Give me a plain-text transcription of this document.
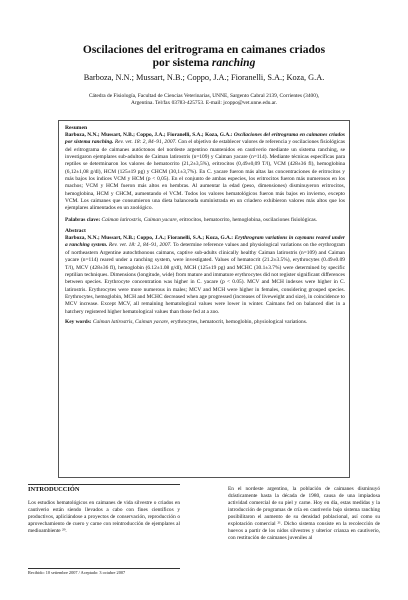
Oscilaciones del eritrograma en caimanes criados
por sistema ranching
Barboza, N.N.; Mussart, N.B.; Coppo, J.A.; Fioranelli, S.A.; Koza, G.A.
Cátedra de Fisiología, Facultad de Ciencias Veterinarias, UNNE, Sargento Cabral 2139, Corrientes (3400),
Argentina. Tel/fax 03783-425753. E-mail: jcoppo@vet.unne.edu.ar.
Resumen
Barboza, N.N.; Mussart, N.B.; Coppo, J.A.; Fioranelli, S.A.; Koza, G.A.: Oscilaciones del eritrograma en caimanes criados por sistema ranching. Rev. vet. 18: 2, 84–91, 2007. Con el objetivo de establecer valores de referencia y oscilaciones fisiológicas del eritrograma de caimanes autóctonos del nordeste argentino mantenidos en cautiverio mediante un sistema ranching, se investigaron ejemplares sub-adultos de Caiman latirostris (n=109) y Caiman yacare (n=114). Mediante técnicas específicas para reptiles se determinaron los valores de hematocrito (21,2±3,5%), eritrocitos (0,49±0,09 T/l), VCM (428±36 fl), hemoglobina (6,12±1,08 g/dl), HCM (125±19 pg) y CHCM (30,1±3,7%). En C. yacare fueron más altas las concentraciones de eritrocitos y más bajos los índices VCM y HCM (p < 0,05). En el conjunto de ambas especies, los eritrocitos fueron más numerosos en los machos; VCM y HCM fueron más altos en hembras. Al aumentar la edad (peso, dimensiones) disminuyeron eritrocitos, hemoglobina, HCM y CHCM, aumentando el VCM. Todos los valores hematológicos fueron más bajos en invierno, excepto VCM. Los caimanes que consumieron una dieta balanceada suministrada en un criadero exhibieron valores más altos que los ejemplares alimentados en un zoológico.
Palabras clave: Caiman latirostris, Caiman yacare, eritrocitos, hematocrito, hemoglobina, oscilaciones fisiológicas.
Abstract
Barboza, N.N.; Mussart, N.B.; Coppo, J.A.; Fioranelli, S.A.; Koza, G.A.: Erythrogram variations in caymans reared under a ranching system. Rev. vet. 18: 2, 84–91, 2007. To determine reference values and physiological variations on the erythrogram of northeastern Argentine autochthonous caimans, captive sub-adults clinically healthy Caiman latirostris (n=109) and Caiman yacare (n=114) reared under a ranching system, were investigated. Values of hematocrit (21.2±3.5%), erythrocytes (0.49±0.09 T/l), MCV (428±36 fl), hemoglobin (6.12±1.08 g/dl), MCH (125±19 pg) and MCHC (30.1±3.7%) were determined by specific reptilian techniques. Dimensions (longitude, wide) from mature and immature erythrocytes did not register significant differences between species. Erythrocyte concentration was higher in C. yacare (p < 0.05). MCV and MCH indexes were higher in C. latirostris. Erythrocytes were more numerous in males; MCV and MCH were higher in females, considering grouped species. Erythrocytes, hemoglobin, MCH and MCHC decreased when age progressed (increases of liveweight and size), in coincidence to MCV increase. Except MCV, all remaining hematological values were lower in winter. Caimans fed on balanced diet in a hatchery registered higher hematological values than those fed at a zoo.
Key words: Caiman latirostris, Caiman yacare, erythrocytes, hematocrit, hemoglobin, physiological variations.
INTRODUCCIÓN
Los estudios hematológicos en caimanes de vida silvestre o criados en cautiverio están siendo llevados a cabo con fines científicos y productivos, apliciándose a proyectos de conservación, reproducción o aprovechamiento de cuero y carne con reintroducción de ejemplares al medioambiente ²⁹.
En el nordeste argentino, la población de caimanes disminuyó drásticamente hasta la década de 1980, causa de una impiadosa actividad comercial de su piel y carne. Hoy en día, estas medidas y la introducción de programas de cría en cautiverio bajo sistema ranching posibilitaron el aumento de su densidad poblacional, así como su explotación comercial ²¹. Dicho sistema consiste en la recolección de huevos a partir de los nidos silvestres y ulterior crianza en cautiverio, con restitución de caimanes juveniles al
Recibido: 10 setiembre 2007 / Aceptado: 3 octubre 2007
